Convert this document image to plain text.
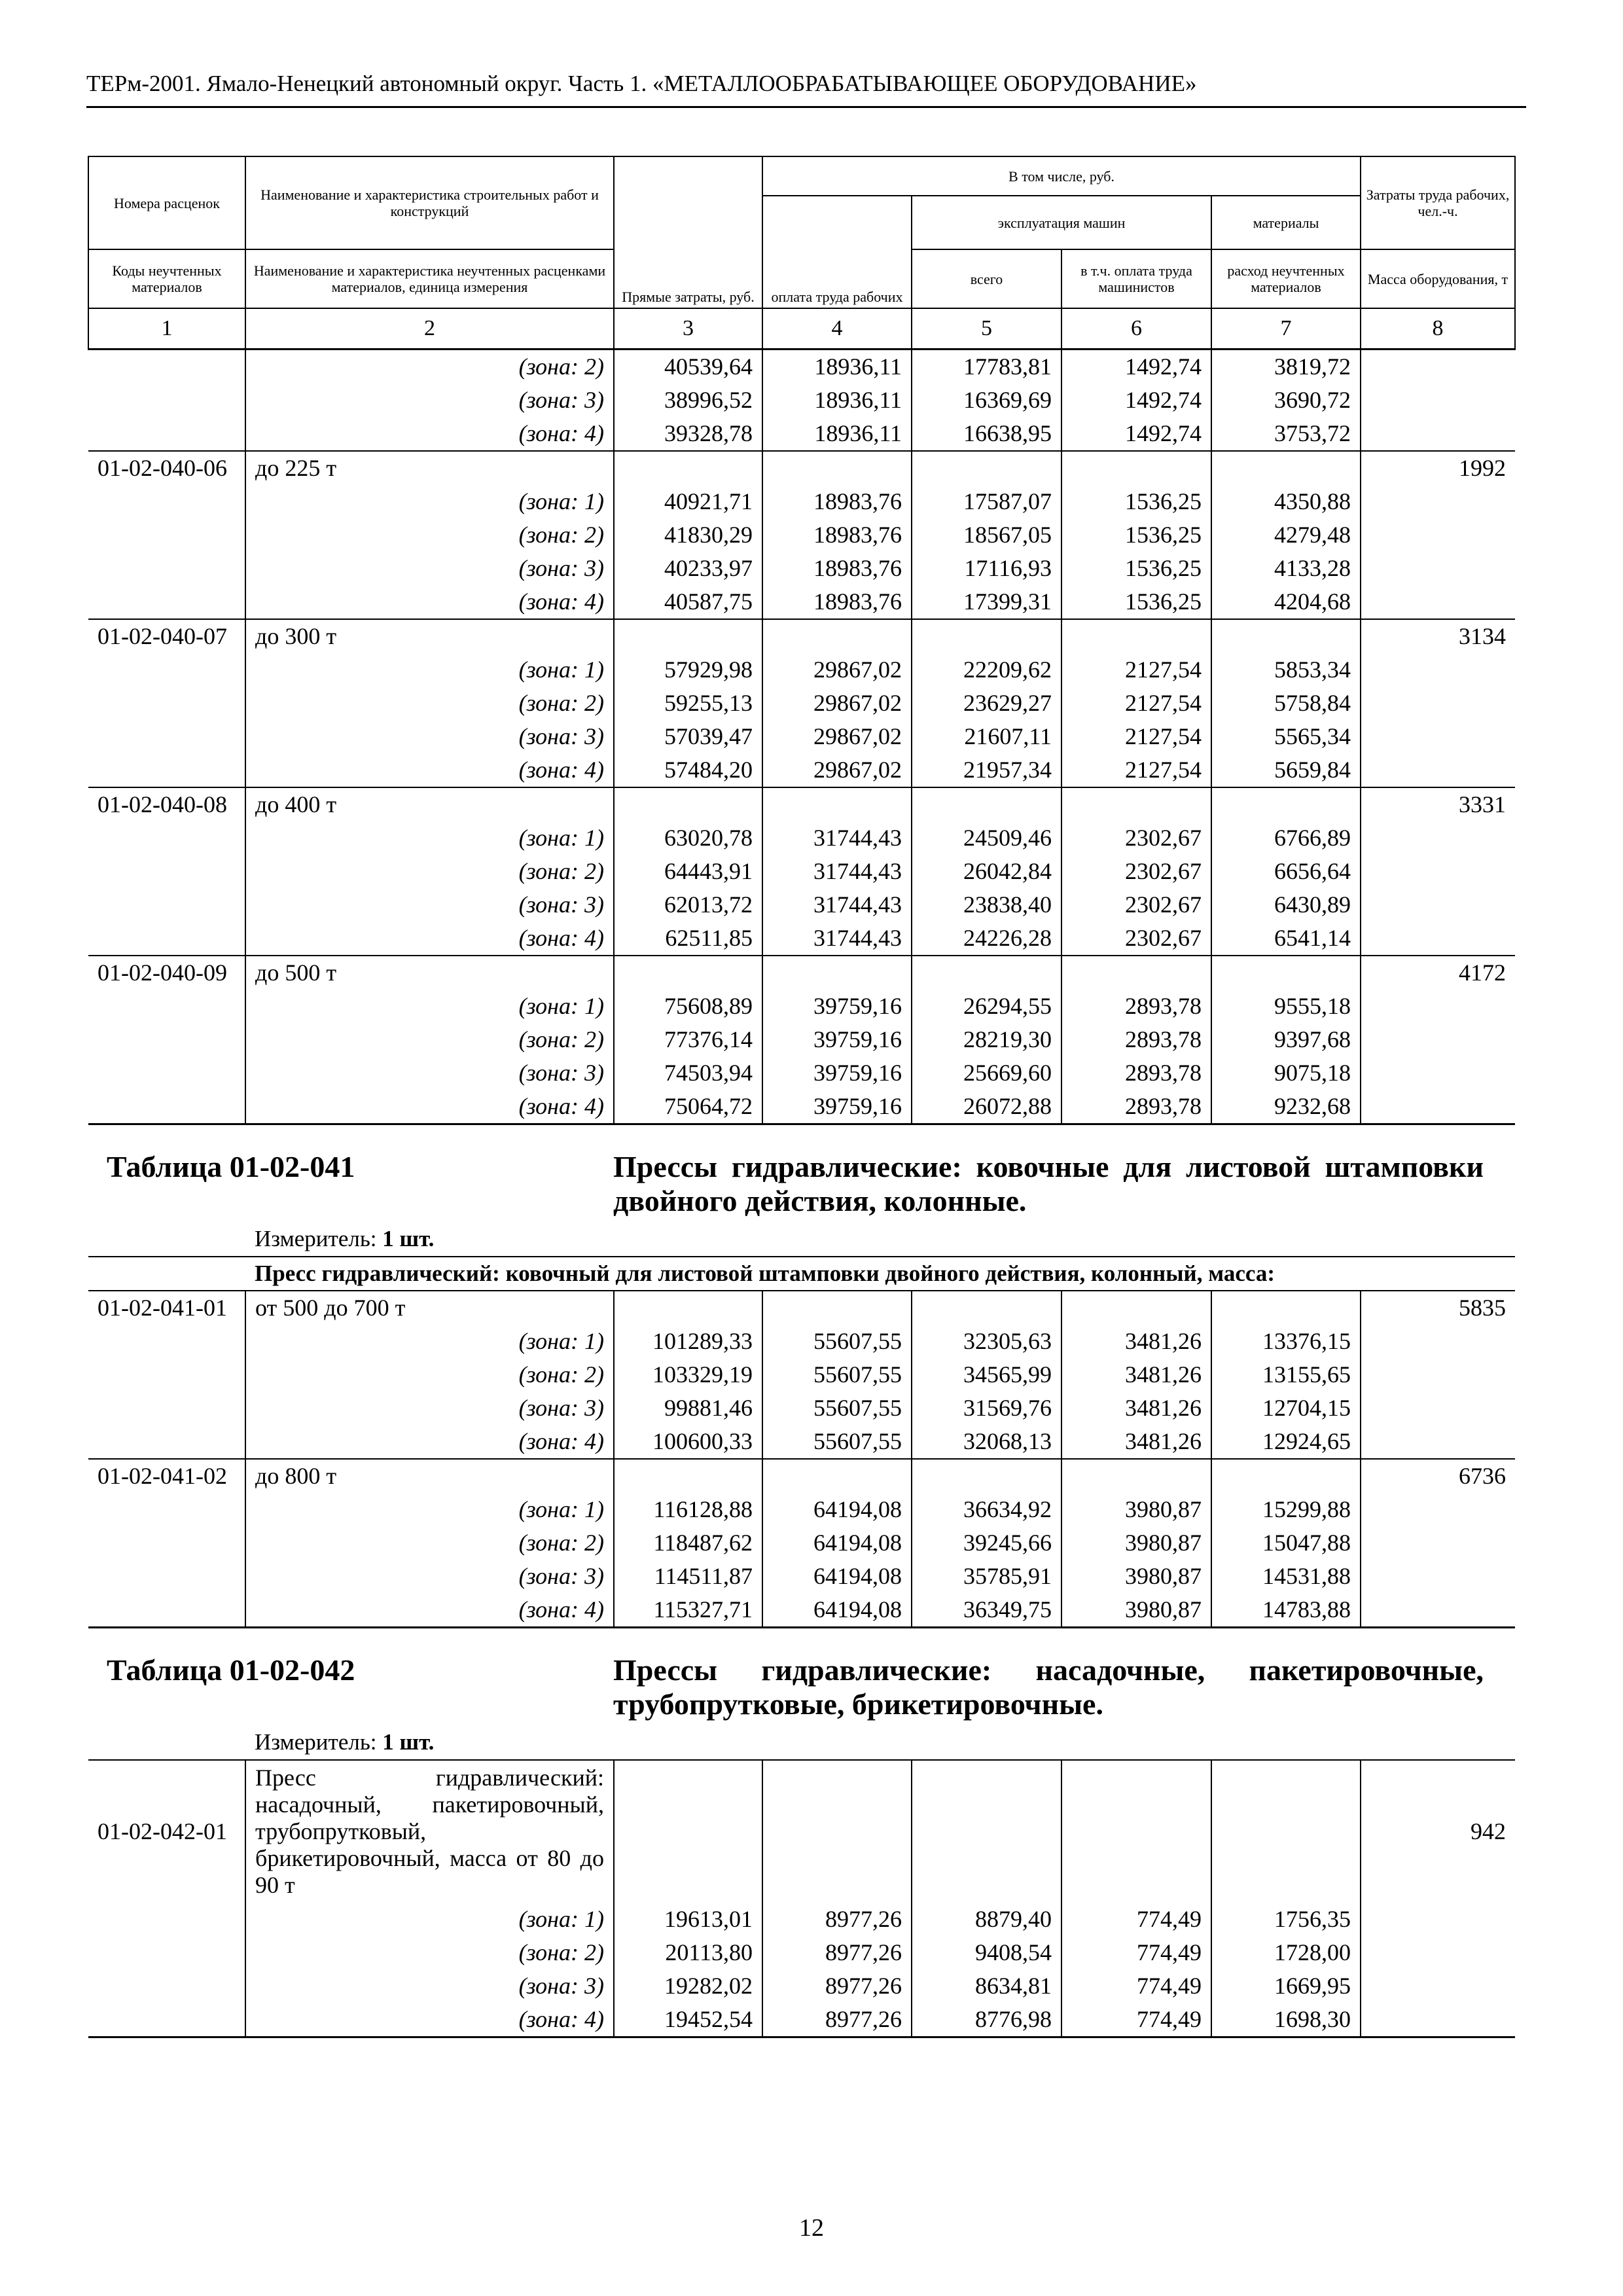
ТЕРм-2001. Ямало-Ненецкий автономный округ. Часть 1. «МЕТАЛЛООБРАБАТЫВАЮЩЕЕ ОБОРУДОВАНИЕ»
Номера расценок	Наименование и характеристика строительных работ и конструкций	Прямые затраты, руб.	В том числе, руб.				Затраты труда рабочих, чел.-ч.
			оплата труда рабочих	эксплуатация машин		материалы	
Коды неучтенных материалов	Наименование и характеристика неучтенных расценками материалов, единица измерения			всего	в т.ч. оплата труда машинистов	расход неучтенных материалов	Масса оборудования, т
1	2	3	4	5	6	7	8
	(зона: 2)	40539,64	18936,11	17783,81	1492,74	3819,72	
	(зона: 3)	38996,52	18936,11	16369,69	1492,74	3690,72	
	(зона: 4)	39328,78	18936,11	16638,95	1492,74	3753,72	
01-02-040-06	до 225 т						1992
	(зона: 1)	40921,71	18983,76	17587,07	1536,25	4350,88	
	(зона: 2)	41830,29	18983,76	18567,05	1536,25	4279,48	
	(зона: 3)	40233,97	18983,76	17116,93	1536,25	4133,28	
	(зона: 4)	40587,75	18983,76	17399,31	1536,25	4204,68	
01-02-040-07	до 300 т						3134
	(зона: 1)	57929,98	29867,02	22209,62	2127,54	5853,34	
	(зона: 2)	59255,13	29867,02	23629,27	2127,54	5758,84	
	(зона: 3)	57039,47	29867,02	21607,11	2127,54	5565,34	
	(зона: 4)	57484,20	29867,02	21957,34	2127,54	5659,84	
01-02-040-08	до 400 т						3331
	(зона: 1)	63020,78	31744,43	24509,46	2302,67	6766,89	
	(зона: 2)	64443,91	31744,43	26042,84	2302,67	6656,64	
	(зона: 3)	62013,72	31744,43	23838,40	2302,67	6430,89	
	(зона: 4)	62511,85	31744,43	24226,28	2302,67	6541,14	
01-02-040-09	до 500 т						4172
	(зона: 1)	75608,89	39759,16	26294,55	2893,78	9555,18	
	(зона: 2)	77376,14	39759,16	28219,30	2893,78	9397,68	
	(зона: 3)	74503,94	39759,16	25669,60	2893,78	9075,18	
	(зона: 4)	75064,72	39759,16	26072,88	2893,78	9232,68	

Таблица 01-02-041 Прессы гидравлические: ковочные для листовой штамповки двойного действия, колонные.
Измеритель: 1 шт.							

Пресс гидравлический: ковочный для листовой штамповки двойного действия, колонный, масса:							
01-02-041-01	от 500 до 700 т						5835
	(зона: 1)	101289,33	55607,55	32305,63	3481,26	13376,15	
	(зона: 2)	103329,19	55607,55	34565,99	3481,26	13155,65	
	(зона: 3)	99881,46	55607,55	31569,76	3481,26	12704,15	
	(зона: 4)	100600,33	55607,55	32068,13	3481,26	12924,65	
01-02-041-02	до 800 т						6736
	(зона: 1)	116128,88	64194,08	36634,92	3980,87	15299,88	
	(зона: 2)	118487,62	64194,08	39245,66	3980,87	15047,88	
	(зона: 3)	114511,87	64194,08	35785,91	3980,87	14531,88	
	(зона: 4)	115327,71	64194,08	36349,75	3980,87	14783,88	

Таблица 01-02-042 Прессы гидравлические: насадочные, пакетировочные, трубопрутковые, брикетировочные.
Измеритель: 1 шт.							

01-02-042-01	Пресс гидравлический: насадочный, пакетировочный, трубопрутковый, брикетировочный, масса от 80 до 90 т						942
	(зона: 1)	19613,01	8977,26	8879,40	774,49	1756,35	
	(зона: 2)	20113,80	8977,26	9408,54	774,49	1728,00	
	(зона: 3)	19282,02	8977,26	8634,81	774,49	1669,95	
	(зона: 4)	19452,54	8977,26	8776,98	774,49	1698,30	
12
